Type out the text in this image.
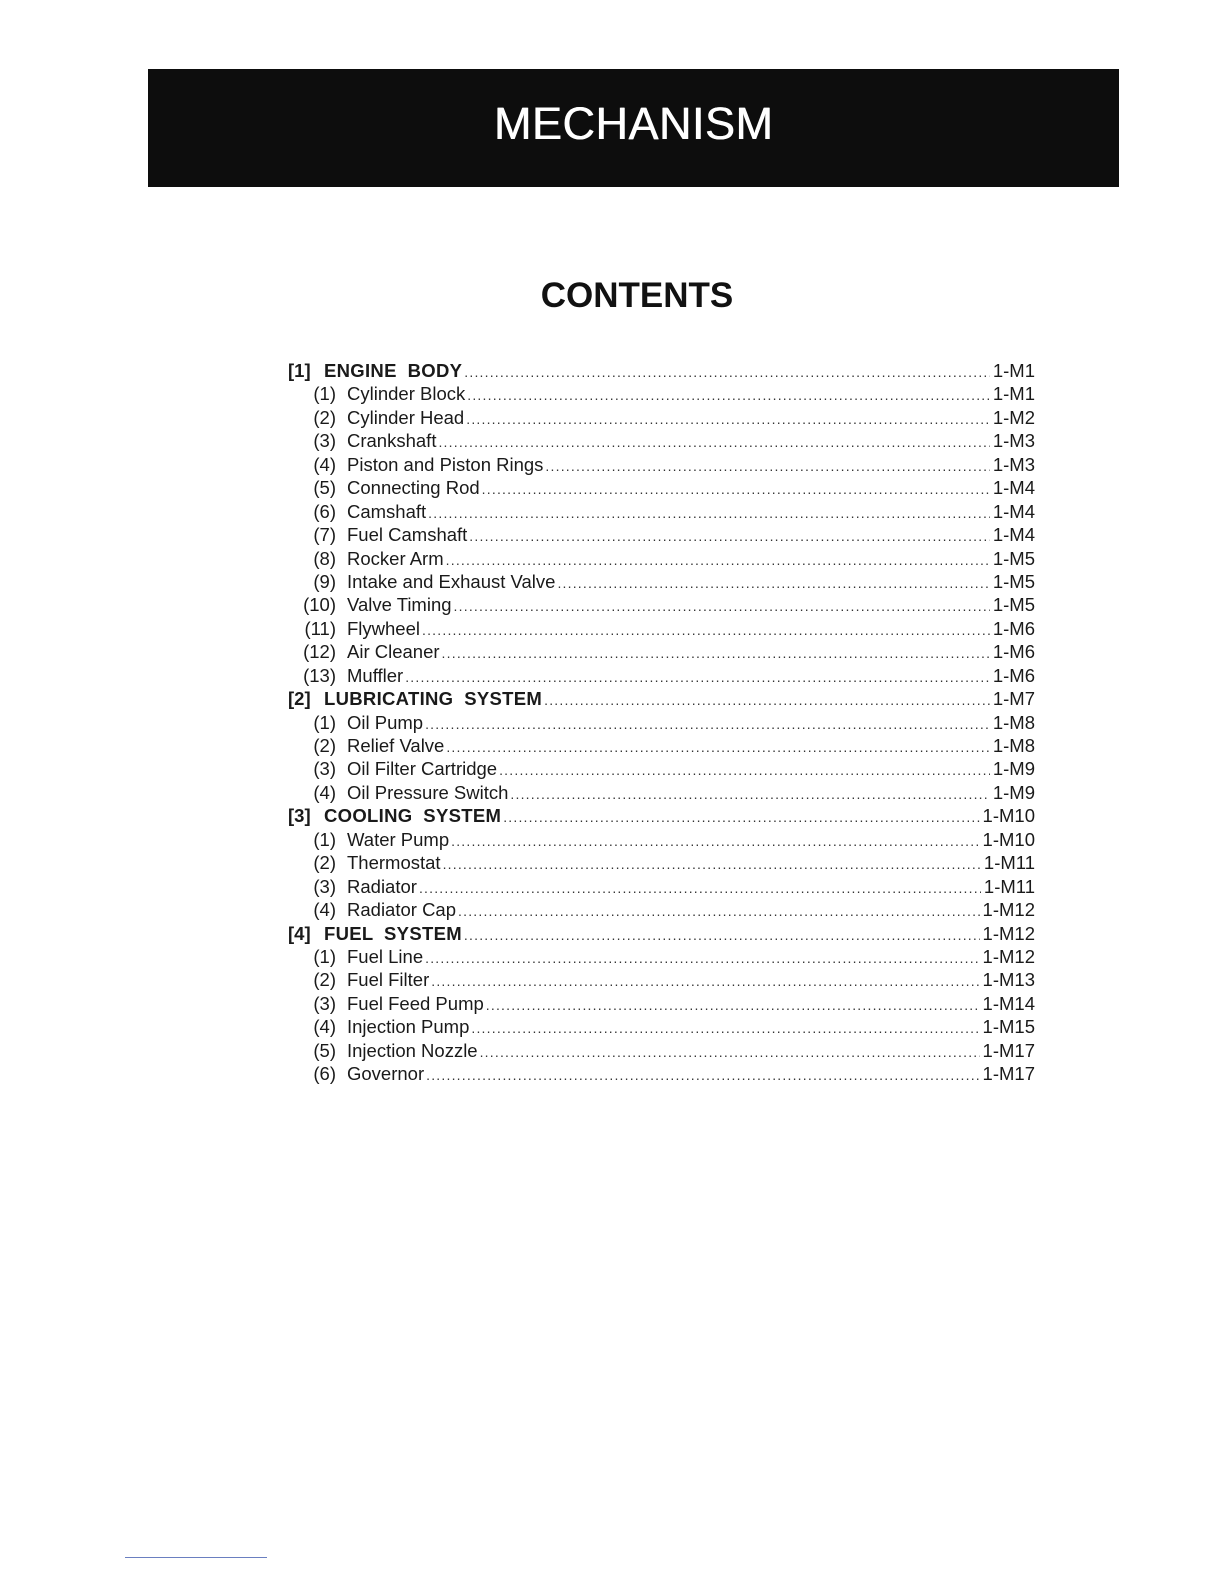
MECHANISM
CONTENTS
[1] ENGINE  BODY .....	1-M1
(1) Cylinder Block .....	1-M1
(2) Cylinder Head .....	1-M2
(3) Crankshaft .....	1-M3
(4) Piston and Piston Rings .....	1-M3
(5) Connecting Rod .....	1-M4
(6) Camshaft .....	1-M4
(7) Fuel Camshaft .....	1-M4
(8) Rocker Arm .....	1-M5
(9) Intake and Exhaust Valve .....	1-M5
(10) Valve Timing .....	1-M5
(11) Flywheel .....	1-M6
(12) Air Cleaner .....	1-M6
(13) Muffler .....	1-M6
[2] LUBRICATING  SYSTEM .....	1-M7
(1) Oil Pump .....	1-M8
(2) Relief Valve .....	1-M8
(3) Oil Filter Cartridge .....	1-M9
(4) Oil Pressure Switch .....	1-M9
[3] COOLING  SYSTEM .....	1-M10
(1) Water Pump .....	1-M10
(2) Thermostat .....	1-M11
(3) Radiator .....	1-M11
(4) Radiator Cap .....	1-M12
[4] FUEL  SYSTEM .....	1-M12
(1) Fuel Line .....	1-M12
(2) Fuel Filter .....	1-M13
(3) Fuel Feed Pump .....	1-M14
(4) Injection Pump .....	1-M15
(5) Injection Nozzle .....	1-M17
(6) Governor .....	1-M17
